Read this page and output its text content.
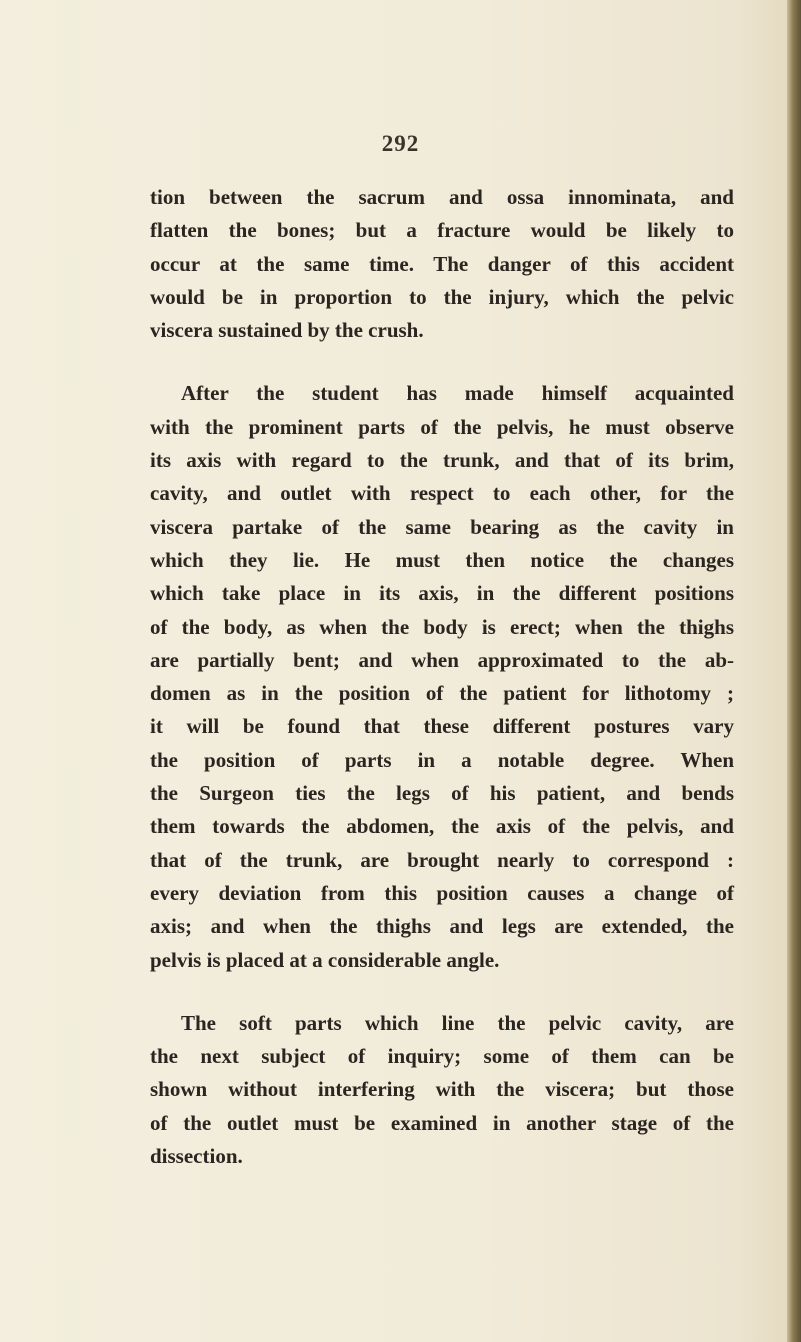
292
tion between the sacrum and ossa innominata, and
flatten the bones; but a fracture would be likely to
occur at the same time. The danger of this accident
would be in proportion to the injury, which the pelvic
viscera sustained by the crush.
After the student has made himself acquainted
with the prominent parts of the pelvis, he must observe
its axis with regard to the trunk, and that of its brim,
cavity, and outlet with respect to each other, for the
viscera partake of the same bearing as the cavity in
which they lie. He must then notice the changes
which take place in its axis, in the different positions
of the body, as when the body is erect; when the thighs
are partially bent; and when approximated to the ab-
domen as in the position of the patient for lithotomy ;
it will be found that these different postures vary
the position of parts in a notable degree. When
the Surgeon ties the legs of his patient, and bends
them towards the abdomen, the axis of the pelvis, and
that of the trunk, are brought nearly to correspond :
every deviation from this position causes a change of
axis; and when the thighs and legs are extended, the
pelvis is placed at a considerable angle.
The soft parts which line the pelvic cavity, are
the next subject of inquiry; some of them can be
shown without interfering with the viscera; but those
of the outlet must be examined in another stage of the
dissection.
